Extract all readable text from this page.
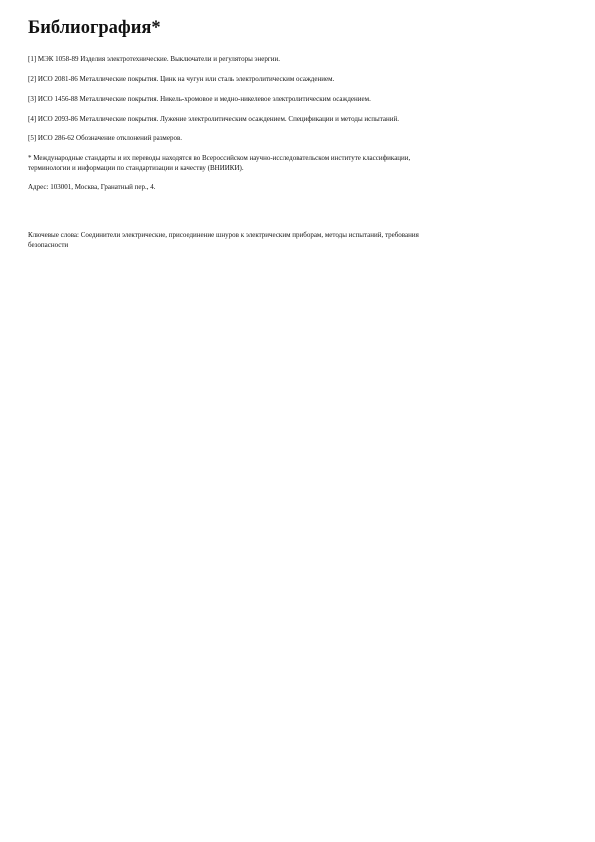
Библиография*
[1] МЭК 1058-89 Изделия электротехнические. Выключатели и регуляторы энергии.
[2] ИСО 2081-86 Металлические покрытия. Цинк на чугун или сталь электролитическим осаждением.
[3] ИСО 1456-88 Металлические покрытия. Никель-хромовое и медно-никелевое электролитическим осаждением.
[4] ИСО 2093-86 Металлические покрытия. Лужение электролитическим осаждением. Спецификации и методы испытаний.
[5] ИСО 286-62 Обозначение отклонений размеров.
* Международные стандарты и их переводы находятся во Всероссийском научно-исследовательском институте классификации,
терминологии и информации по стандартизации и качеству (ВНИИКИ).
Адрес: 103001, Москва, Гранатный пер., 4.
Ключевые слова: Соединители электрические, присоединение шнуров к электрическим приборам, методы испытаний, требования
безопасности
